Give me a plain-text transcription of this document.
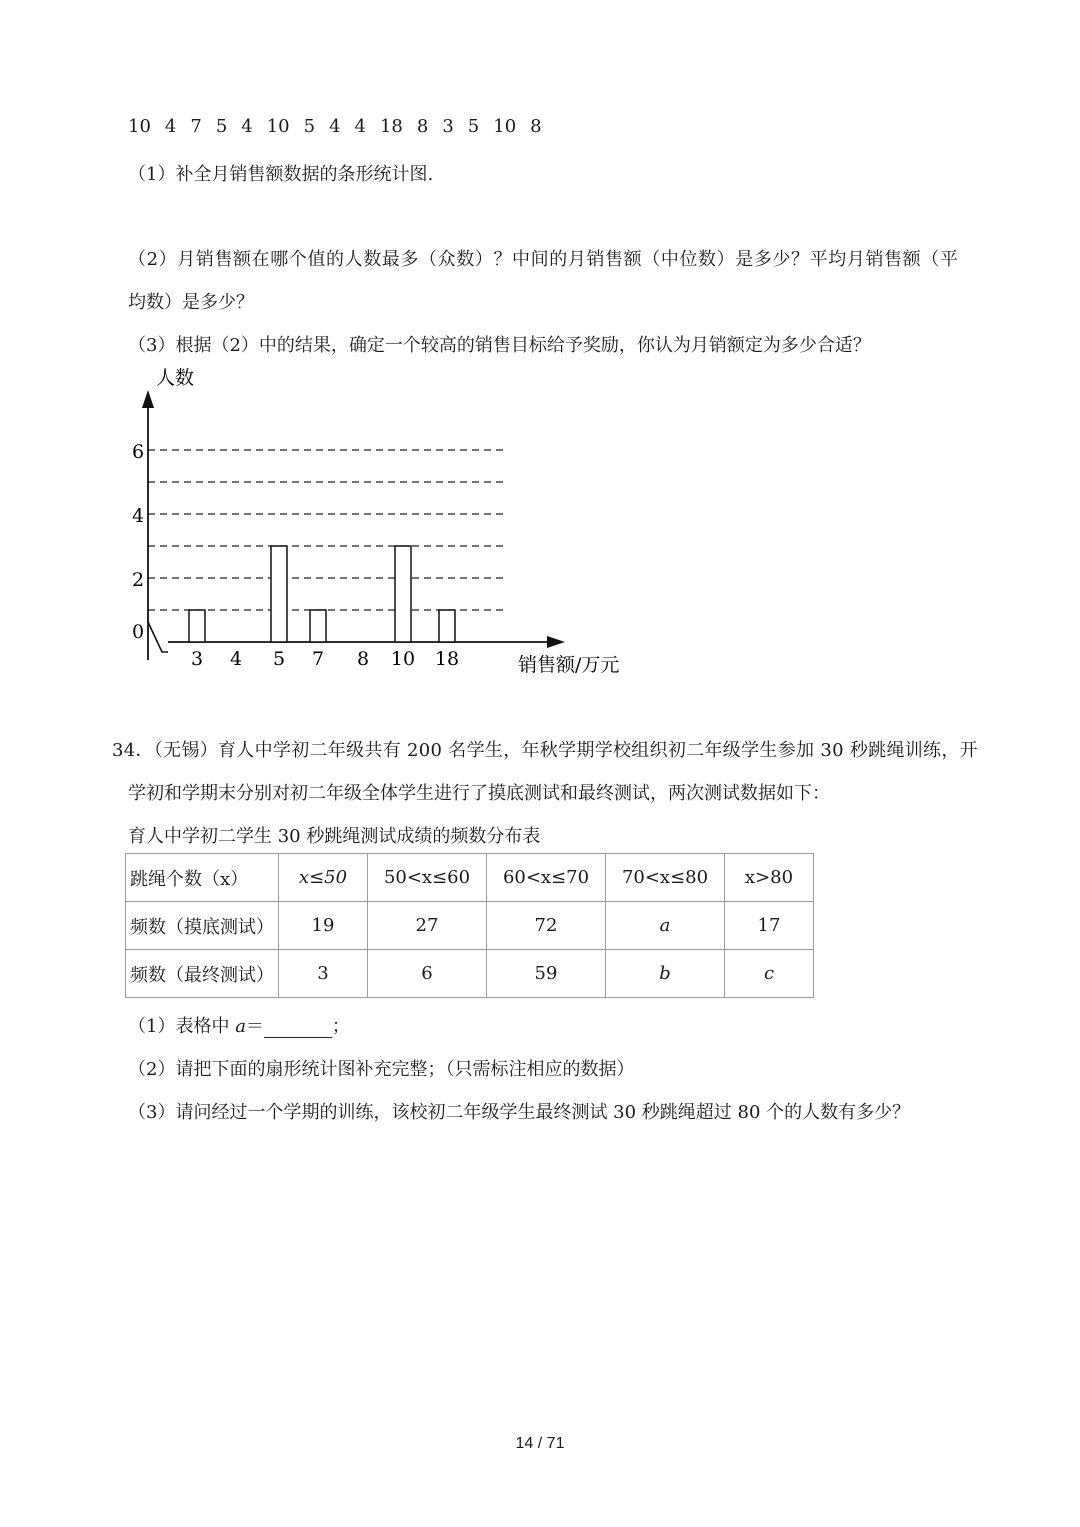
10 4 7 5 4 10 5 4 4 18 8 3 5 10 8
（1）补全月销售额数据的条形统计图.
（2）月销售额在哪个值的人数最多（众数）？中间的月销售额（中位数）是多少？平均月销售额（平
均数）是多少？
（3）根据（2）中的结果，确定一个较高的销售目标给予奖励，你认为月销额定为多少合适？
3 4 5 7 8 10 18
0
2
4
6
人数
销售额/万元
34．（无锡）育人中学初二年级共有 200 名学生，年秋学期学校组织初二年级学生参加 30 秒跳绳训练，开
学初和学期末分别对初二年级全体学生进行了摸底测试和最终测试，两次测试数据如下：
育人中学初二学生 30 秒跳绳测试成绩的频数分布表
跳绳个数（x）	x≤50	50<x≤60	60<x≤70	70<x≤80	x>80
频数（摸底测试）	19	27	72	a	17
频数（最终测试）	3	6	59	b	c
（1）表格中 a＝	；
（2）请把下面的扇形统计图补充完整；（只需标注相应的数据）
（3）请问经过一个学期的训练，该校初二年级学生最终测试 30 秒跳绳超过 80 个的人数有多少？
14 / 71
